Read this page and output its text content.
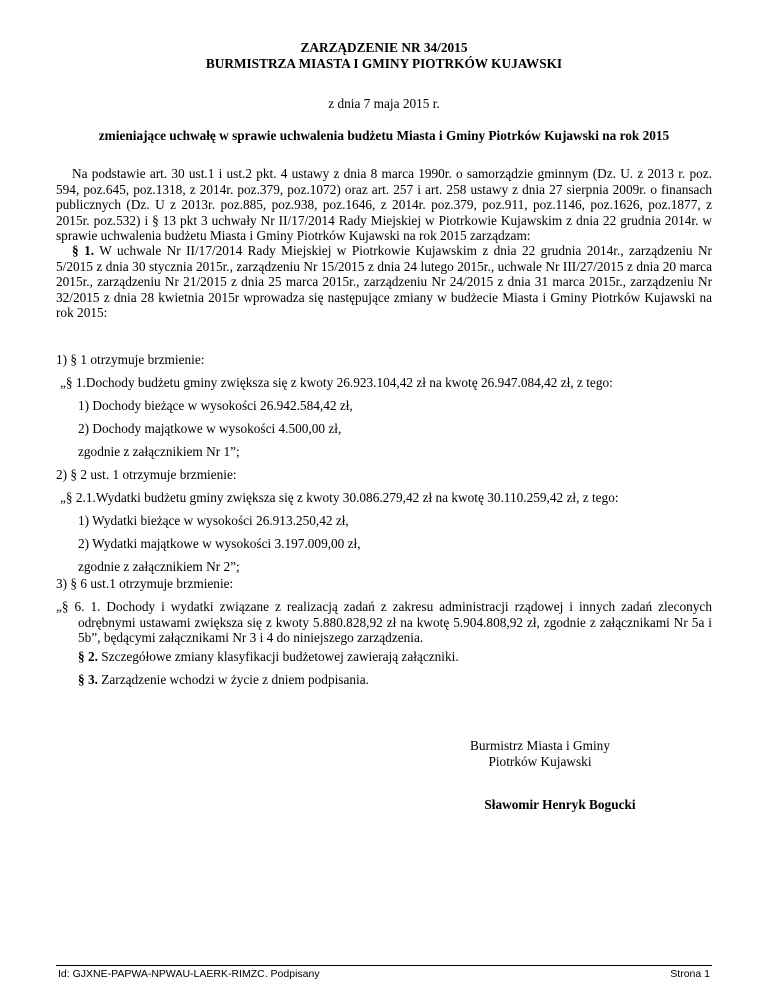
ZARZĄDZENIE NR 34/2015
BURMISTRZA MIASTA I GMINY PIOTRKÓW KUJAWSKI
z dnia 7 maja 2015 r.
zmieniające uchwałę w sprawie uchwalenia budżetu Miasta i Gminy Piotrków Kujawski na rok 2015
Na podstawie art. 30 ust.1 i ust.2 pkt. 4 ustawy z dnia 8 marca 1990r. o samorządzie gminnym (Dz. U. z 2013 r. poz. 594, poz.645, poz.1318, z 2014r. poz.379, poz.1072) oraz art. 257 i art. 258 ustawy z dnia 27 sierpnia 2009r. o finansach publicznych (Dz. U z 2013r. poz.885, poz.938, poz.1646, z 2014r. poz.379, poz.911, poz.1146, poz.1626, poz.1877, z 2015r. poz.532) i § 13 pkt 3 uchwały Nr II/17/2014 Rady Miejskiej w Piotrkowie Kujawskim z dnia 22 grudnia 2014r. w sprawie uchwalenia budżetu Miasta i Gminy Piotrków Kujawski na rok 2015 zarządzam:
§ 1. W uchwale Nr II/17/2014 Rady Miejskiej w Piotrkowie Kujawskim z dnia 22 grudnia 2014r., zarządzeniu Nr 5/2015 z dnia 30 stycznia 2015r., zarządzeniu Nr 15/2015 z dnia 24 lutego 2015r., uchwale Nr III/27/2015 z dnia 20 marca 2015r., zarządzeniu Nr 21/2015 z dnia 25 marca 2015r., zarządzeniu Nr 24/2015 z dnia 31 marca 2015r., zarządzeniu Nr 32/2015 z dnia 28 kwietnia 2015r wprowadza się następujące zmiany w budżecie Miasta i Gminy Piotrków Kujawski na rok 2015:
1) § 1 otrzymuje brzmienie:
„§ 1.Dochody budżetu gminy zwiększa się z kwoty 26.923.104,42 zł na kwotę 26.947.084,42 zł, z tego:
1) Dochody bieżące w wysokości 26.942.584,42 zł,
2) Dochody majątkowe w wysokości 4.500,00 zł,
zgodnie z załącznikiem Nr 1”;
2) § 2 ust. 1 otrzymuje brzmienie:
„§ 2.1.Wydatki budżetu gminy zwiększa się z kwoty 30.086.279,42 zł na kwotę 30.110.259,42 zł, z tego:
1) Wydatki bieżące w wysokości 26.913.250,42 zł,
2) Wydatki majątkowe w wysokości 3.197.009,00 zł,
zgodnie z załącznikiem Nr 2”;
3) § 6 ust.1 otrzymuje brzmienie:
„§ 6. 1. Dochody i wydatki związane z realizacją zadań z zakresu administracji rządowej i innych zadań zleconych odrębnymi ustawami zwiększa się z kwoty 5.880.828,92 zł na kwotę 5.904.808,92 zł, zgodnie z załącznikami Nr 5a i 5b”, będącymi załącznikami Nr 3 i 4 do niniejszego zarządzenia.
§ 2. Szczegółowe zmiany klasyfikacji budżetowej zawierają załączniki.
§ 3. Zarządzenie wchodzi w życie z dniem podpisania.
Burmistrz Miasta i Gminy
Piotrków Kujawski
Sławomir Henryk Bogucki
Id: GJXNE-PAPWA-NPWAU-LAERK-RIMZC. Podpisany	Strona 1
